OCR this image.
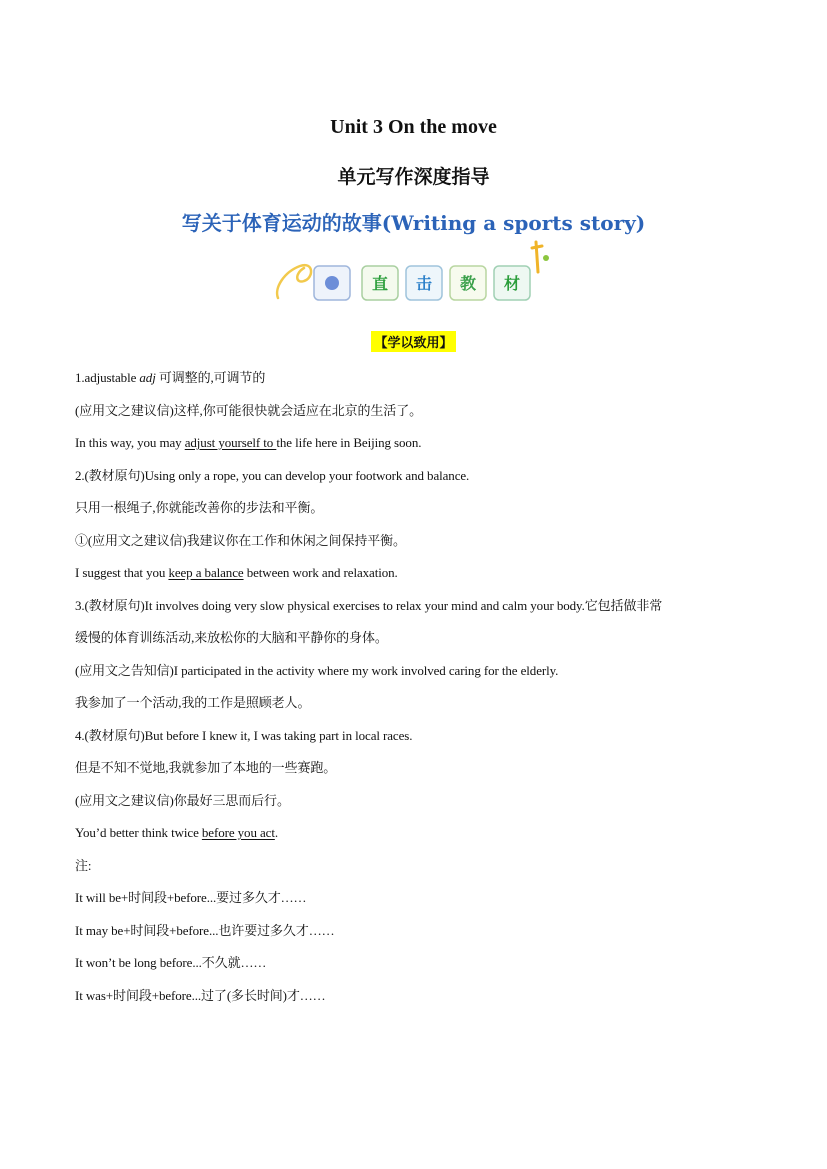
Unit 3 On the move
单元写作深度指导
写关于体育运动的故事(Writing a sports story)
直 击 教 材
【学以致用】
1.adjustable adj 可调整的,可调节的
(应用文之建议信)这样,你可能很快就会适应在北京的生活了。
In this way, you may adjust yourself to the life here in Beijing soon.
2.(教材原句)Using only a rope, you can develop your footwork and balance.
只用一根绳子,你就能改善你的步法和平衡。
①(应用文之建议信)我建议你在工作和休闲之间保持平衡。
I suggest that you keep a balance between work and relaxation.
3.(教材原句)It involves doing very slow physical exercises to relax your mind and calm your body.它包括做非常
缓慢的体育训练活动,来放松你的大脑和平静你的身体。
(应用文之告知信)I participated in the activity where my work involved caring for the elderly.
我参加了一个活动,我的工作是照顾老人。
4.(教材原句)But before I knew it, I was taking part in local races.
但是不知不觉地,我就参加了本地的一些赛跑。
(应用文之建议信)你最好三思而后行。
You’d better think twice before you act.
注:
It will be+时间段+before...要过多久才……
It may be+时间段+before...也许要过多久才……
It won’t be long before...不久就……
It was+时间段+before...过了(多长时间)才……
